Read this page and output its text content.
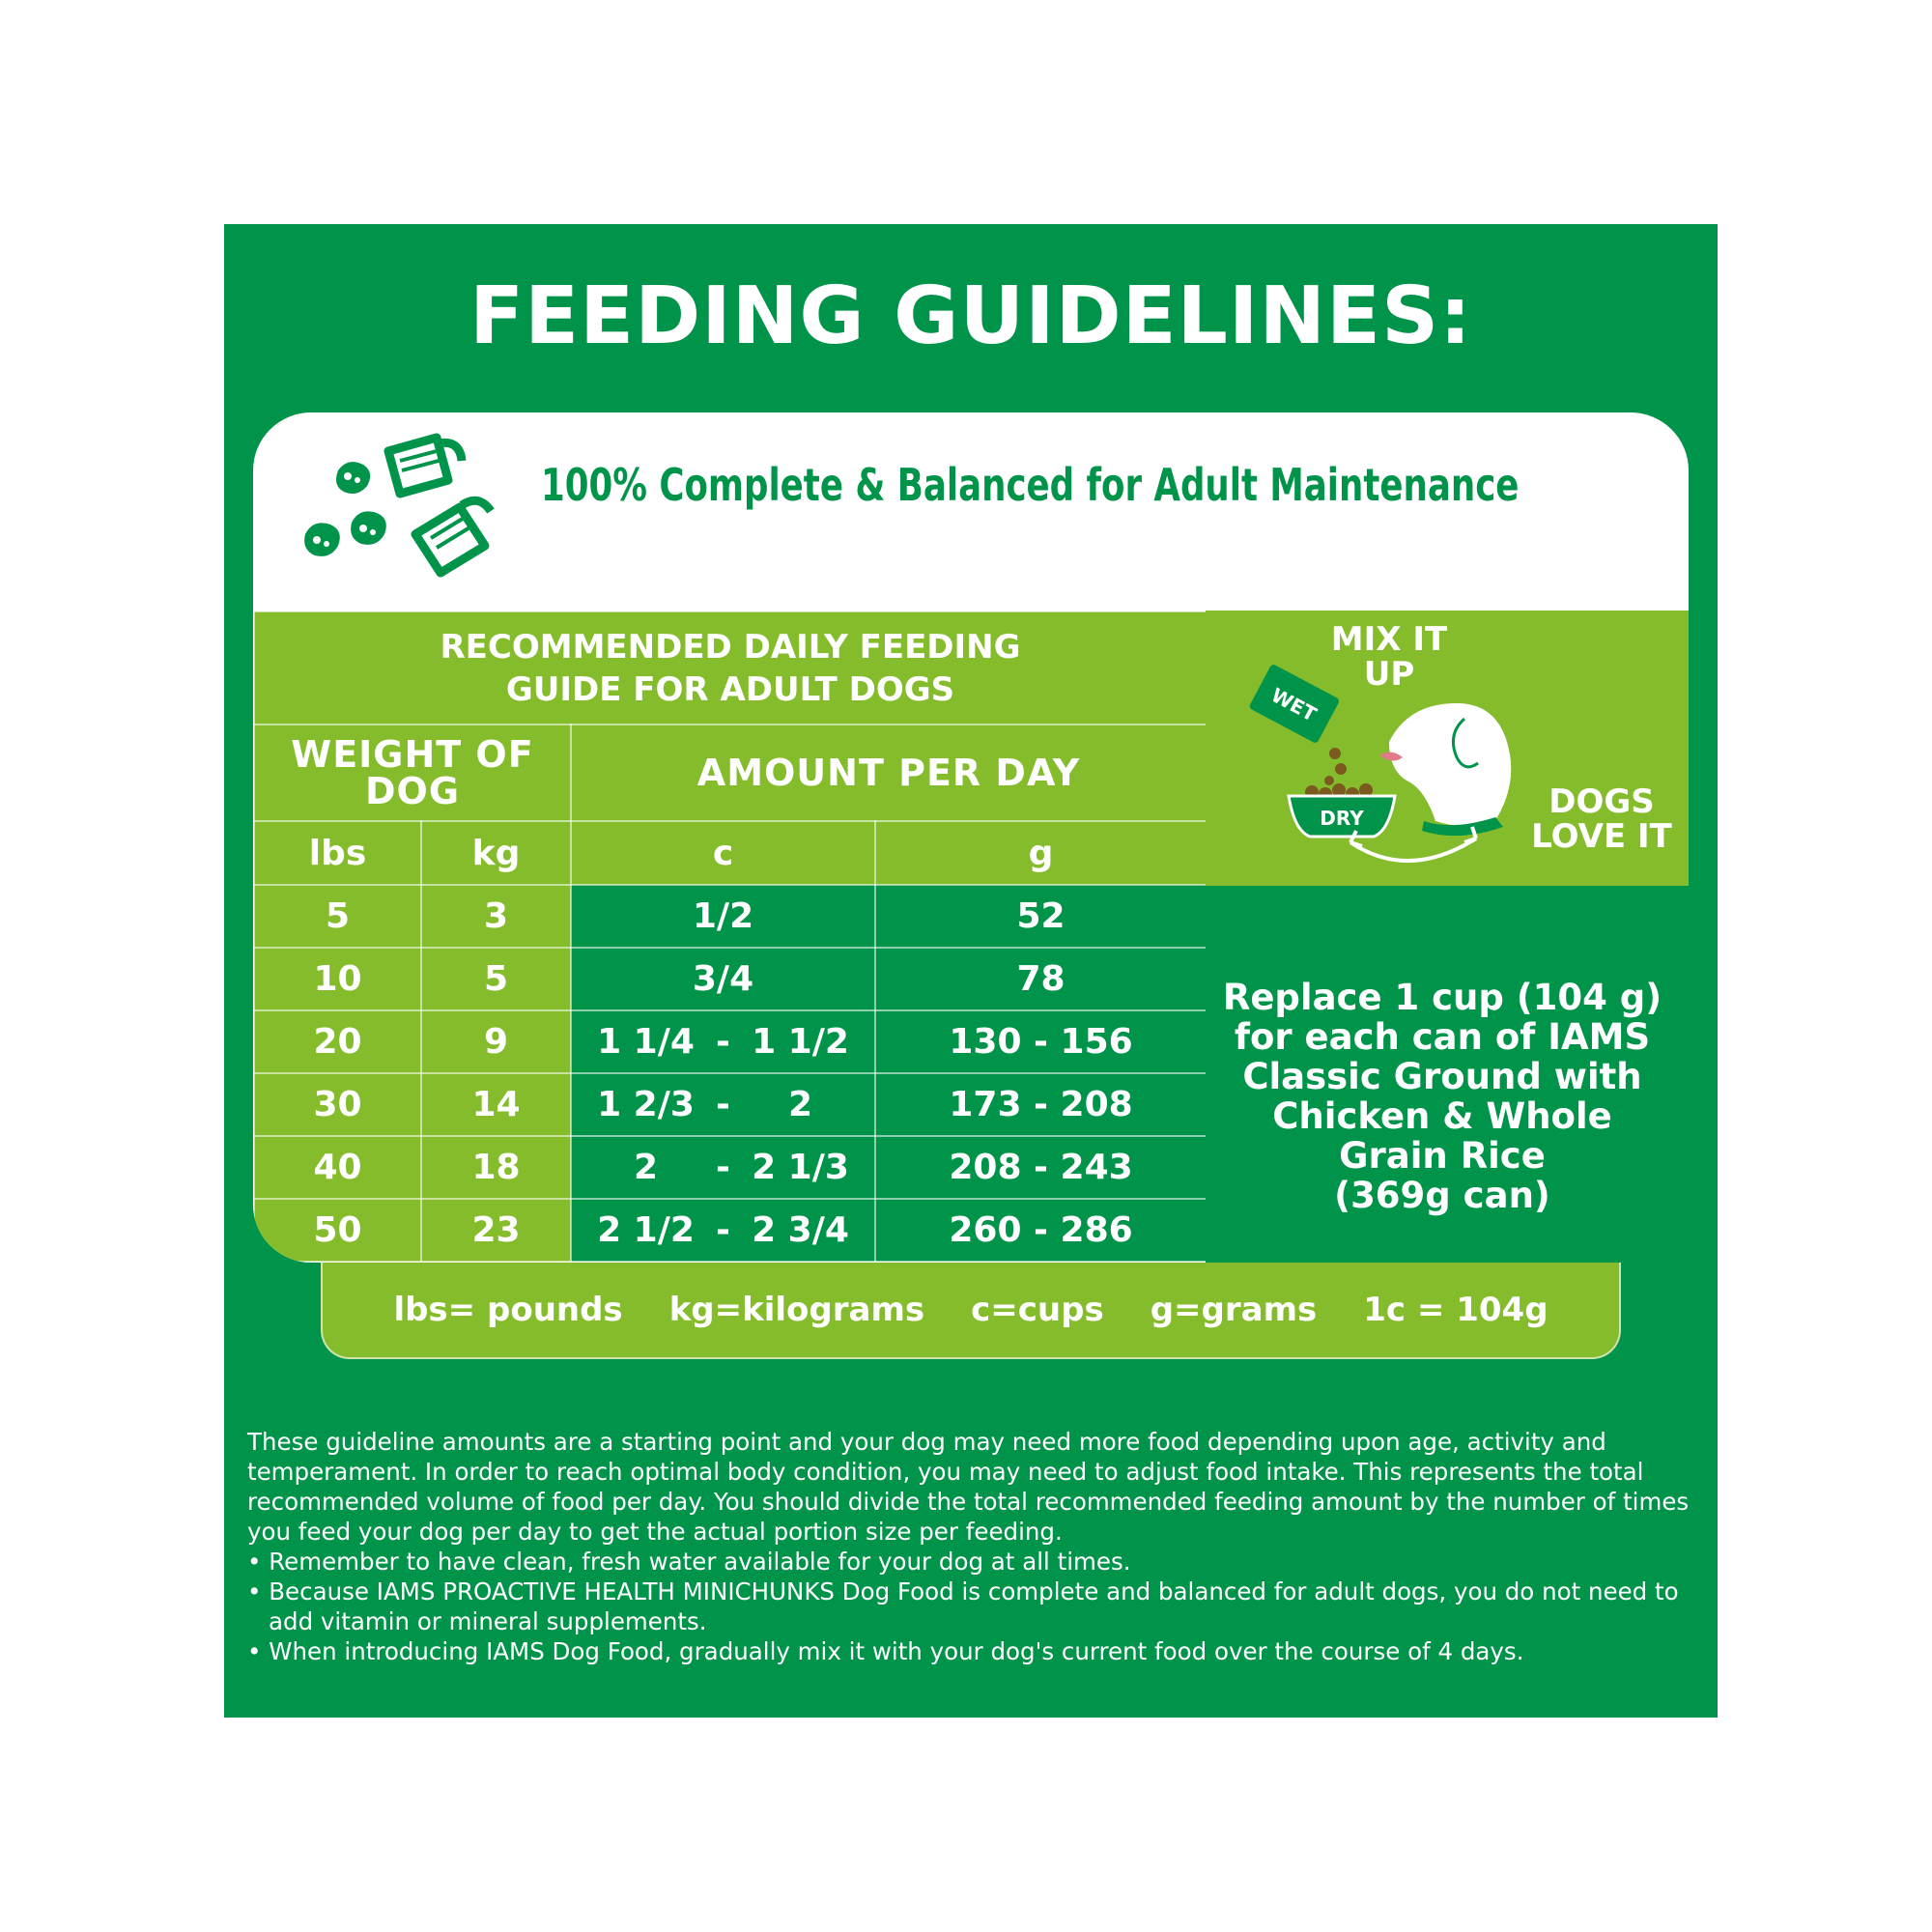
FEEDING GUIDELINES:
100% Complete & Balanced for Adult Maintenance
RECOMMENDED DAILY FEEDING
GUIDE FOR ADULT DOGS			

WEIGHT OF
DOG		AMOUNT PER DAY	
lbs	kg	c	g
5	3	1/2	52
10	5	3/4	78
20	9	1 1/4 - 1 1/2	130 - 156
30	14	1 2/3 - 2	173 - 208
40	18	2 - 2 1/3	208 - 243
50	23	2 1/2 - 2 3/4	260 - 286
MIX IT
UP
WET
DRY	DOGS
LOVE IT
Replace 1 cup (104 g)
for each can of IAMS
Classic Ground with
Chicken & Whole
Grain Rice
(369g can)
lbs= pounds kg=kilograms c=cups g=grams 1c = 104g

These guideline amounts are a starting point and your dog may need more food depending upon age, activity and temperament. In order to reach optimal body condition, you may need to adjust food intake. This represents the total recommended volume of food per day. You should divide the total recommended feeding amount by the number of times you feed your dog per day to get the actual portion size per feeding.

• Remember to have clean, fresh water available for your dog at all times.

• Because IAMS PROACTIVE HEALTH MINICHUNKS Dog Food is complete and balanced for adult dogs, you do not need to add vitamin or mineral supplements.

• When introducing IAMS Dog Food, gradually mix it with your dog's current food over the course of 4 days.
